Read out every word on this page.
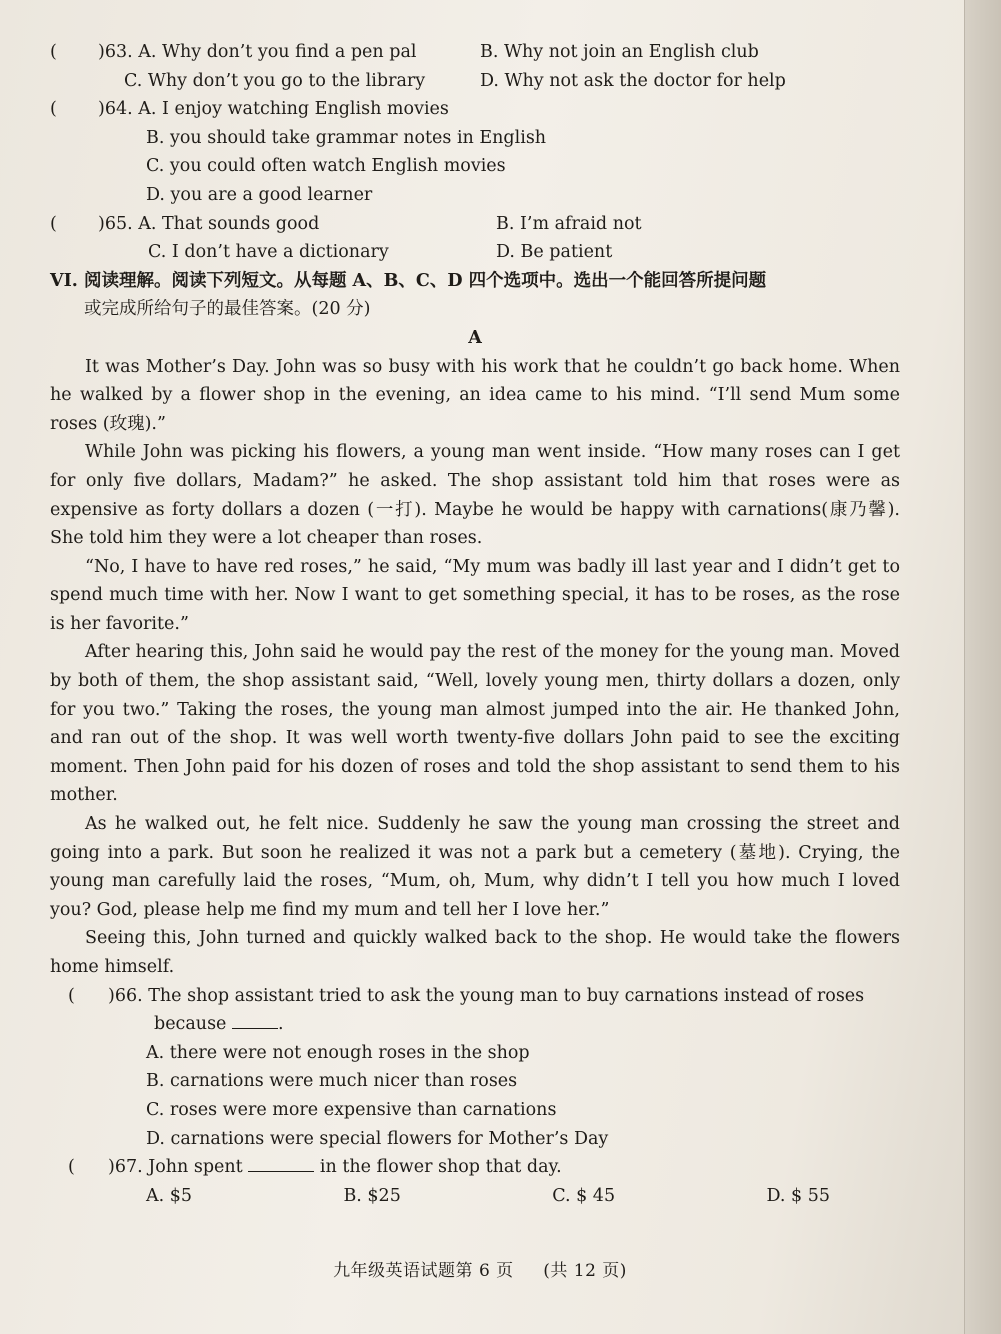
( )63. A. Why don’t you find a pen pal	B. Why not join an English club
C. Why don’t you go to the library	D. Why not ask the doctor for help
( )64. A. I enjoy watching English movies
B. you should take grammar notes in English
C. you could often watch English movies
D. you are a good learner
( )65. A. That sounds good	B. I’m afraid not
C. I don’t have a dictionary	D. Be patient
VI. 阅读理解。阅读下列短文。从每题 A、B、C、D 四个选项中。选出一个能回答所提问题
或完成所给句子的最佳答案。(20 分)
A

It was Mother’s Day. John was so busy with his work that he couldn’t go back home. When he walked by a flower shop in the evening, an idea came to his mind. “I’ll send Mum some roses (玫瑰).”

While John was picking his flowers, a young man went inside. “How many roses can I get for only five dollars, Madam?” he asked. The shop assistant told him that roses were as expensive as forty dollars a dozen (一打). Maybe he would be happy with carnations(康乃馨). She told him they were a lot cheaper than roses.

“No, I have to have red roses,” he said, “My mum was badly ill last year and I didn’t get to spend much time with her. Now I want to get something special, it has to be roses, as the rose is her favorite.”

After hearing this, John said he would pay the rest of the money for the young man. Moved by both of them, the shop assistant said, “Well, lovely young men, thirty dollars a dozen, only for you two.” Taking the roses, the young man almost jumped into the air. He thanked John, and ran out of the shop. It was well worth twenty-five dollars John paid to see the exciting moment. Then John paid for his dozen of roses and told the shop assistant to send them to his mother.

As he walked out, he felt nice. Suddenly he saw the young man crossing the street and going into a park. But soon he realized it was not a park but a cemetery (墓地). Crying, the young man carefully laid the roses, “Mum, oh, Mum, why didn’t I tell you how much I loved you? God, please help me find my mum and tell her I love her.”

Seeing this, John turned and quickly walked back to the shop. He would take the flowers home himself.

( )66. The shop assistant tried to ask the young man to buy carnations instead of roses
because	.
A. there were not enough roses in the shop
B. carnations were much nicer than roses
C. roses were more expensive than carnations
D. carnations were special flowers for Mother’s Day
( )67. John spent	in the flower shop that day.
A. $5	B. $25	C. $ 45	D. $ 55
九年级英语试题第 6 页 (共 12 页)
